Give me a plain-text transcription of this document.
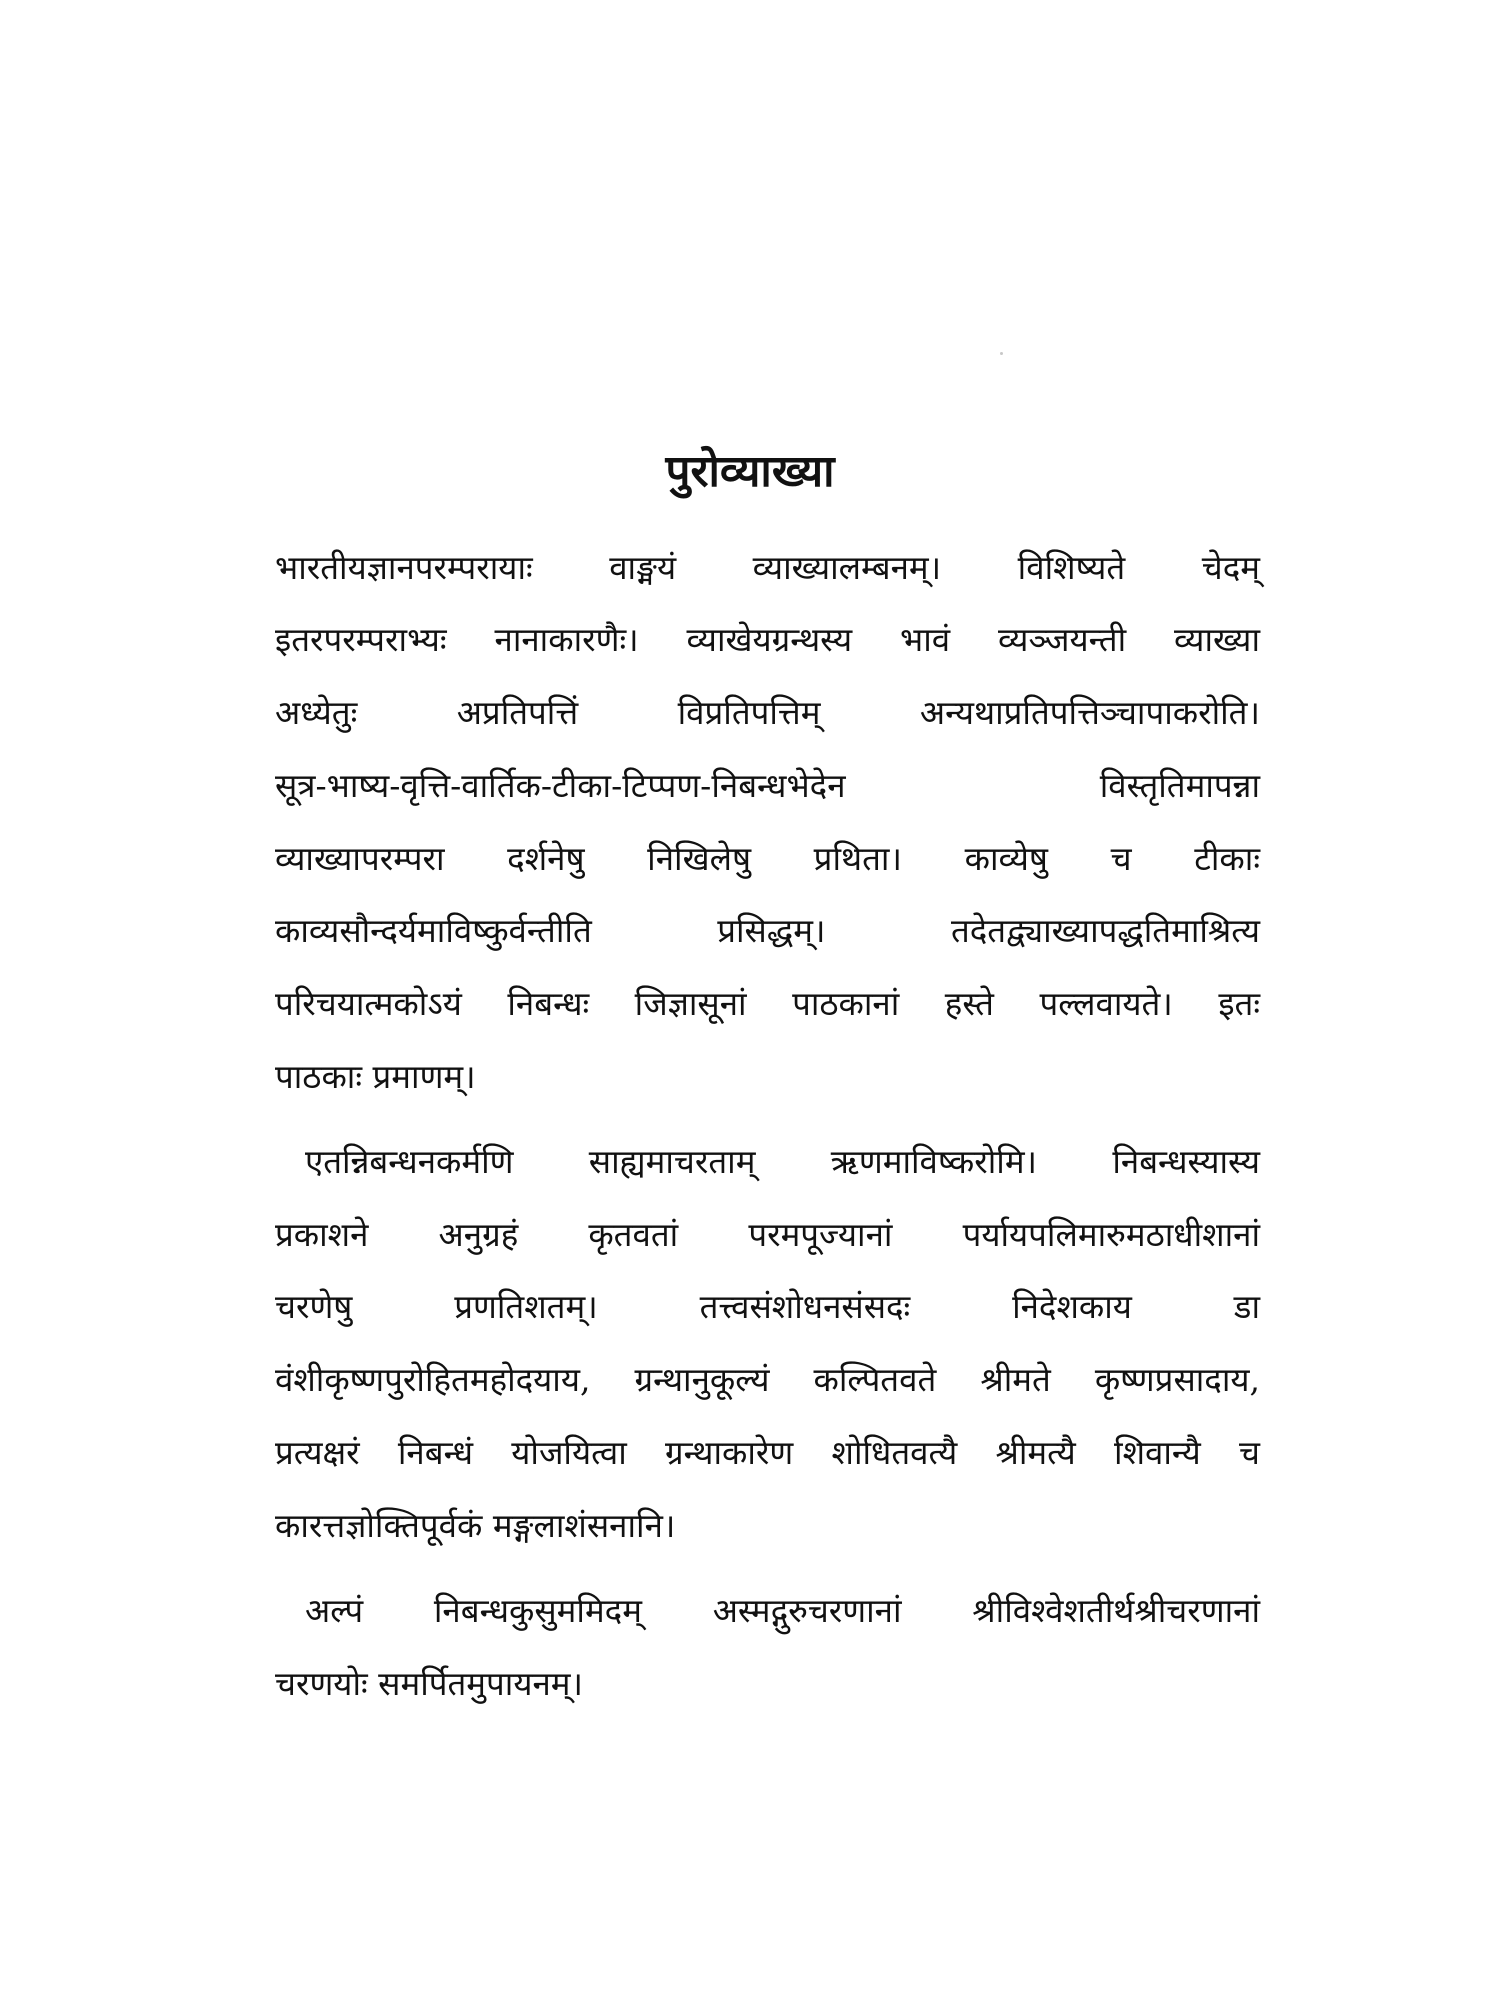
पुरोव्याख्या
भारतीयज्ञानपरम्परायाः वाङ्मयं व्याख्यालम्बनम्। विशिष्यते चेदम्
इतरपरम्पराभ्यः नानाकारणैः। व्याखेयग्रन्थस्य भावं व्यञ्जयन्ती व्याख्या
अध्येतुः अप्रतिपत्तिं विप्रतिपत्तिम् अन्यथाप्रतिपत्तिञ्चापाकरोति।
सूत्र-भाष्य-वृत्ति-वार्तिक-टीका-टिप्पण-निबन्धभेदेन विस्तृतिमापन्ना
व्याख्यापरम्परा दर्शनेषु निखिलेषु प्रथिता। काव्येषु च टीकाः
काव्यसौन्दर्यमाविष्कुर्वन्तीति प्रसिद्धम्। तदेतद्व्याख्यापद्धतिमाश्रित्य
परिचयात्मकोऽयं निबन्धः जिज्ञासूनां पाठकानां हस्ते पल्लवायते। इतः
पाठकाः प्रमाणम्।
एतन्निबन्धनकर्मणि साह्यमाचरताम् ऋणमाविष्करोमि। निबन्धस्यास्य
प्रकाशने अनुग्रहं कृतवतां परमपूज्यानां पर्यायपलिमारुमठाधीशानां
चरणेषु प्रणतिशतम्। तत्त्वसंशोधनसंसदः निदेशकाय डा
वंशीकृष्णपुरोहितमहोदयाय, ग्रन्थानुकूल्यं कल्पितवते श्रीमते कृष्णप्रसादाय,
प्रत्यक्षरं निबन्धं योजयित्वा ग्रन्थाकारेण शोधितवत्यै श्रीमत्यै शिवान्यै च
कारत्तज्ञोक्तिपूर्वकं मङ्गलाशंसनानि।
अल्पं निबन्धकुसुममिदम् अस्मद्गुरुचरणानां श्रीविश्वेशतीर्थश्रीचरणानां
चरणयोः समर्पितमुपायनम्।
